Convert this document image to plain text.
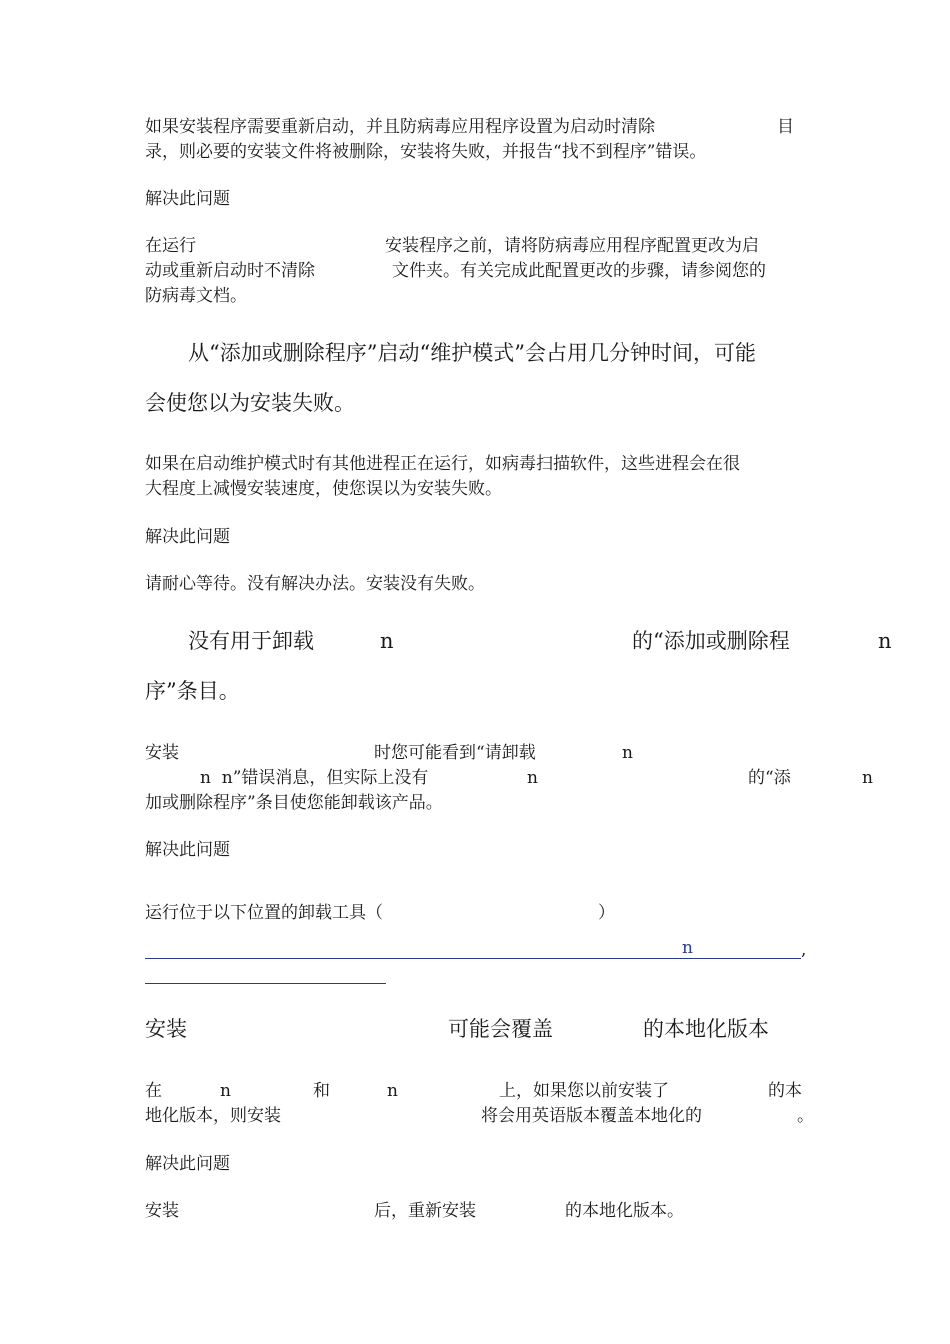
如果安装程序需要重新启动，并且防病毒应用程序设置为启动时清除	目

录，则必要的安装文件将被删除，安装将失败，并报告“找不到程序”错误。

解决此问题

在运行	安装程序之前，请将防病毒应用程序配置更改为启

动或重新启动时不清除	文件夹。有关完成此配置更改的步骤，请参阅您的

防病毒文档。

从“添加或删除程序”启动“维护模式”会占用几分钟时间，可能

会使您以为安装失败。

如果在启动维护模式时有其他进程正在运行，如病毒扫描软件，这些进程会在很

大程度上减慢安装速度，使您误以为安装失败。

解决此问题

请耐心等待。没有解决办法。安装没有失败。

没有用于卸载	n	的“添加或删除程	n

序”条目。

安装	时您可能看到“请卸载	n

n  n”错误消息，但实际上没有	n	的“添	n

加或删除程序”条目使您能卸载该产品。

解决此问题

运行位于以下位置的卸载工具（	）

n	,

安装	可能会覆盖	的本地化版本

在	n	和	n	上，如果您以前安装了	的本

地化版本，则安装	将会用英语版本覆盖本地化的	。

解决此问题

安装	后，重新安装	的本地化版本。
